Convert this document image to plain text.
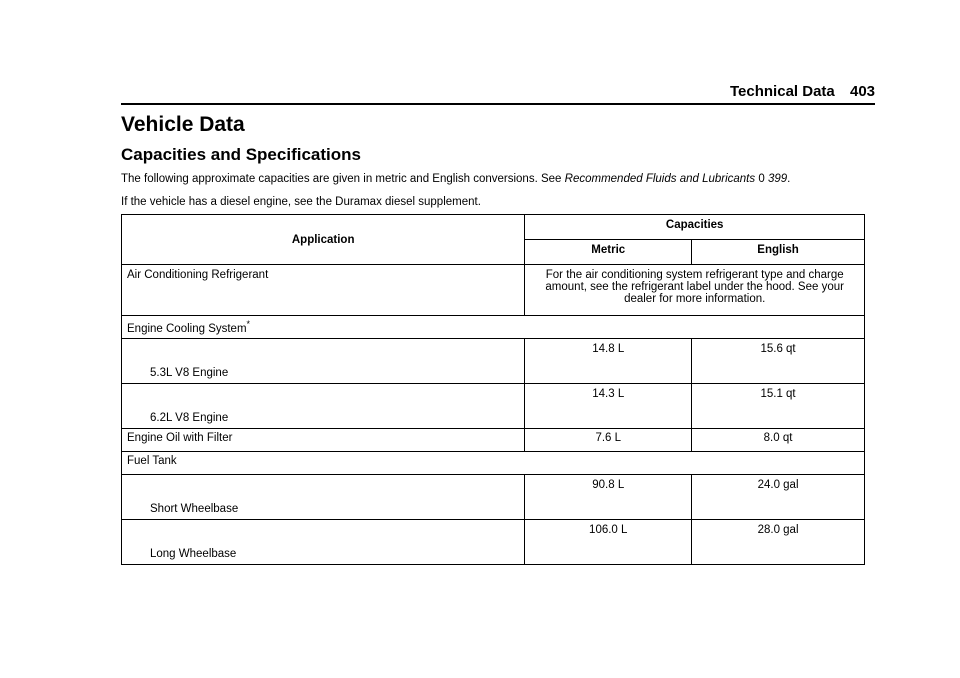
Technical Data 403
Vehicle Data
Capacities and Specifications
The following approximate capacities are given in metric and English conversions. See Recommended Fluids and Lubricants 0 399.
If the vehicle has a diesel engine, see the Duramax diesel supplement.
Application	Capacities	
	Metric	English
Air Conditioning Refrigerant	For the air conditioning system refrigerant type and charge amount, see the refrigerant label under the hood. See your dealer for more information.	
Engine Cooling System*
5.3L V8 Engine	14.8 L	15.6 qt
6.2L V8 Engine	14.3 L	15.1 qt
Engine Oil with Filter	7.6 L	8.0 qt
Fuel Tank		
Short Wheelbase	90.8 L	24.0 gal
Long Wheelbase	106.0 L	28.0 gal
